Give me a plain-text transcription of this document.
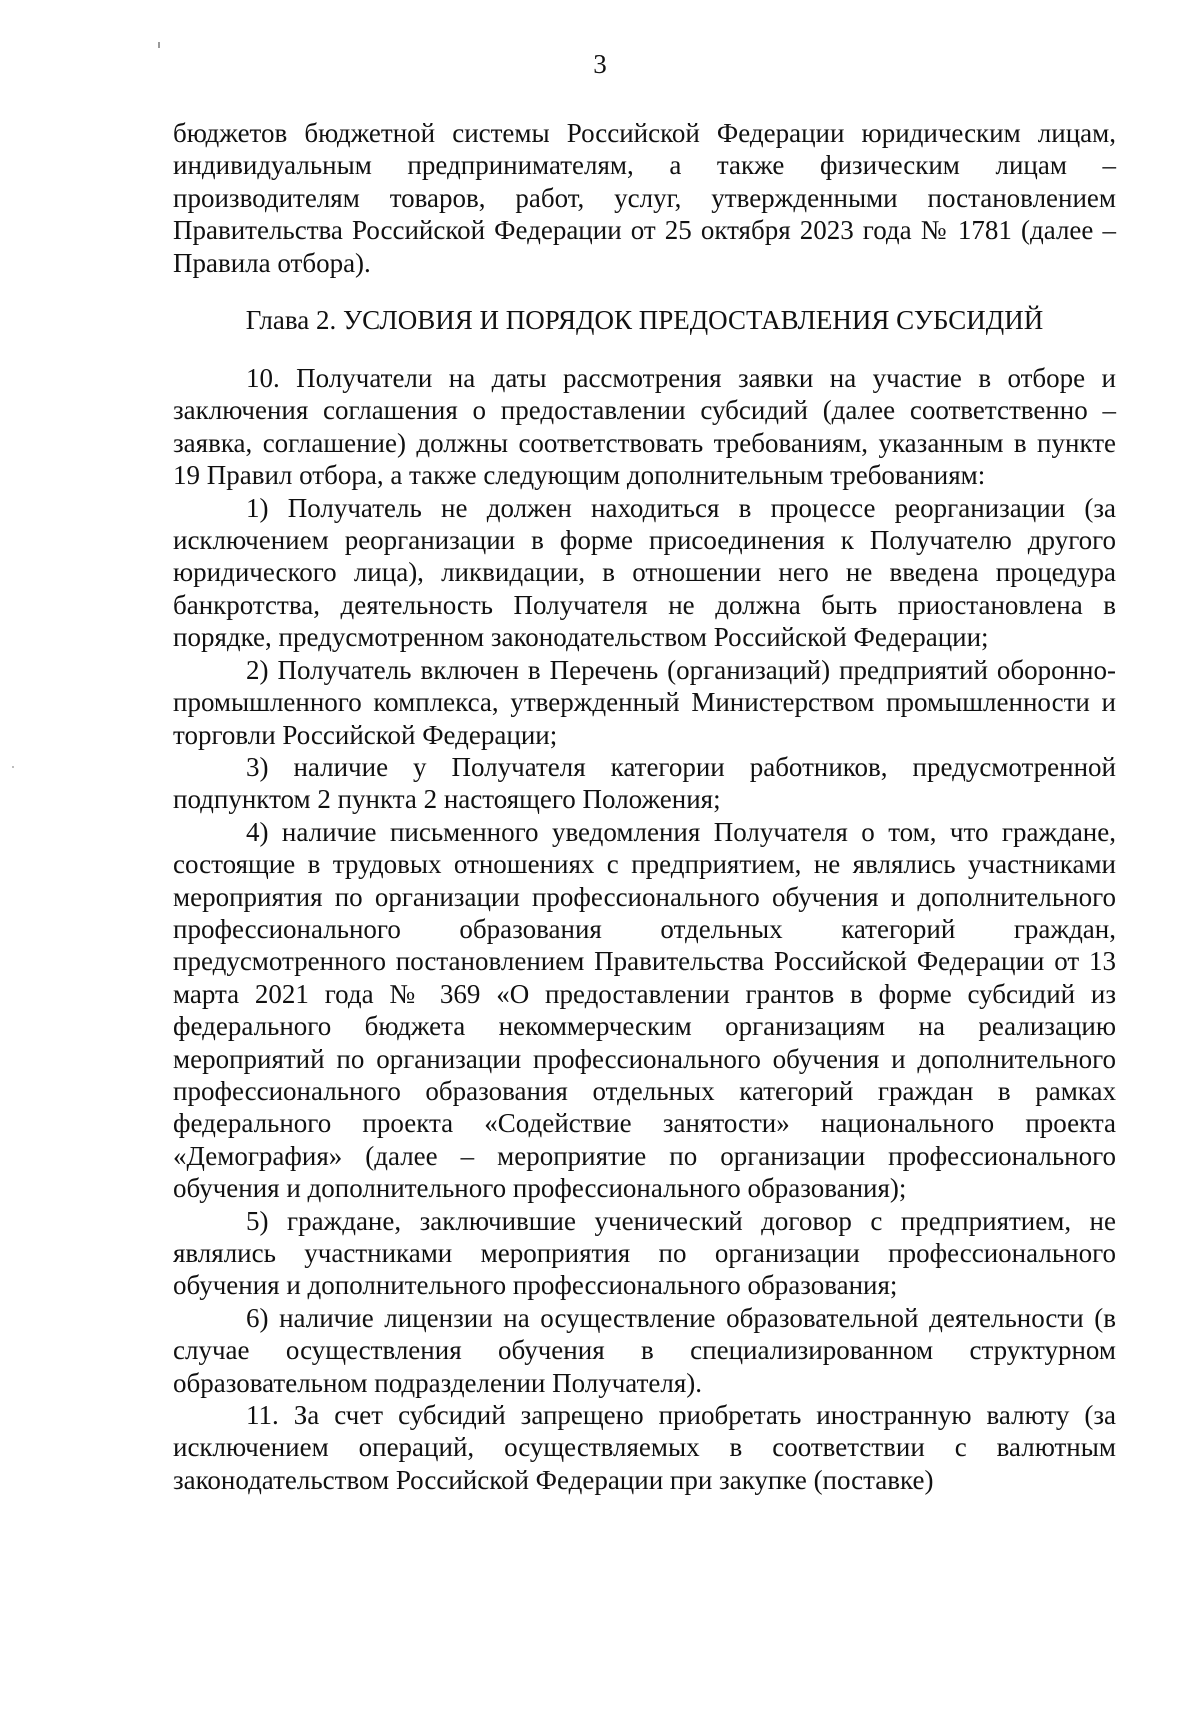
3

бюджетов бюджетной системы Российской Федерации юридическим лицам, индивидуальным предпринимателям, а также физическим лицам – производителям товаров, работ, услуг, утвержденными постановлением Правительства Российской Федерации от 25 октября 2023 года № 1781 (далее – Правила отбора).

Глава 2. УСЛОВИЯ И ПОРЯДОК ПРЕДОСТАВЛЕНИЯ СУБСИДИЙ

10. Получатели на даты рассмотрения заявки на участие в отборе и заключения соглашения о предоставлении субсидий (далее соответственно – заявка, соглашение) должны соответствовать требованиям, указанным в пункте 19 Правил отбора, а также следующим дополнительным требованиям:

1) Получатель не должен находиться в процессе реорганизации (за исключением реорганизации в форме присоединения к Получателю другого юридического лица), ликвидации, в отношении него не введена процедура банкротства, деятельность Получателя не должна быть приостановлена в порядке, предусмотренном законодательством Российской Федерации;

2) Получатель включен в Перечень (организаций) предприятий оборонно-промышленного комплекса, утвержденный Министерством промышленности и торговли Российской Федерации;

3) наличие у Получателя категории работников, предусмотренной подпунктом 2 пункта 2 настоящего Положения;

4) наличие письменного уведомления Получателя о том, что граждане, состоящие в трудовых отношениях с предприятием, не являлись участниками мероприятия по организации профессионального обучения и дополнительного профессионального образования отдельных категорий граждан, предусмотренного постановлением Правительства Российской Федерации от 13 марта 2021 года № 369 «О предоставлении грантов в форме субсидий из федерального бюджета некоммерческим организациям на реализацию мероприятий по организации профессионального обучения и дополнительного профессионального образования отдельных категорий граждан в рамках федерального проекта «Содействие занятости» национального проекта «Демография» (далее – мероприятие по организации профессионального обучения и дополнительного профессионального образования);

5) граждане, заключившие ученический договор с предприятием, не являлись участниками мероприятия по организации профессионального обучения и дополнительного профессионального образования;

6) наличие лицензии на осуществление образовательной деятельности (в случае осуществления обучения в специализированном структурном образовательном подразделении Получателя).

11. За счет субсидий запрещено приобретать иностранную валюту (за исключением операций, осуществляемых в соответствии с валютным законодательством Российской Федерации при закупке (поставке)
